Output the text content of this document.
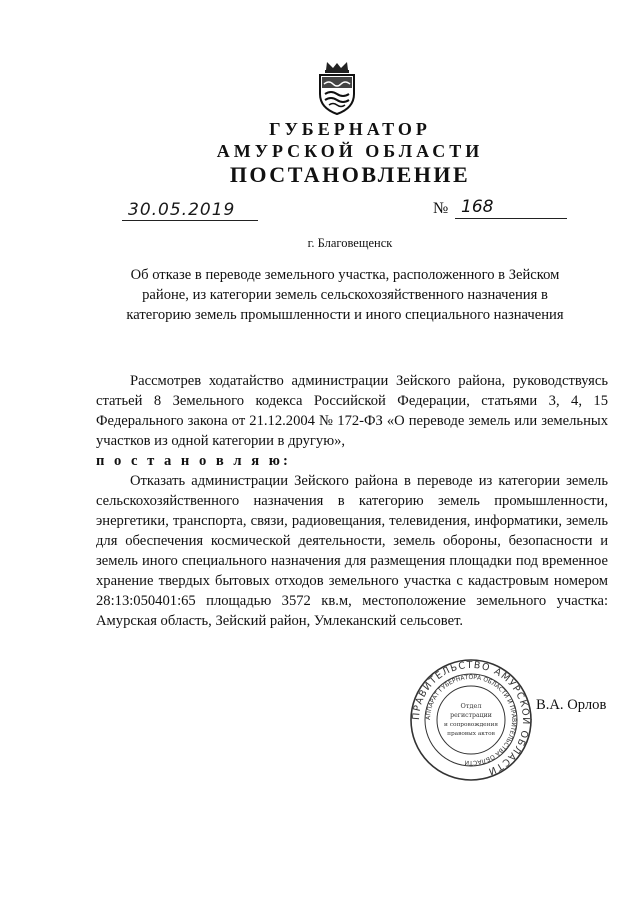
ГУБЕРНАТОР
АМУРСКОЙ ОБЛАСТИ
ПОСТАНОВЛЕНИЕ
30.05.2019	№ 168
г. Благовещенск
Об отказе в переводе земельного участка, расположенного в Зейском районе, из категории земель сельскохозяйственного назначения в категорию земель промышленности и иного специального назначения

Рассмотрев ходатайство администрации Зейского района, руководствуясь статьей 8 Земельного кодекса Российской Федерации, статьями 3, 4, 15 Федерального закона от 21.12.2004 № 172-ФЗ «О переводе земель или земельных участков из одной категории в другую»,

п о с т а н о в л я ю:

Отказать администрации Зейского района в переводе из категории земель сельскохозяйственного назначения в категорию земель промышленности, энергетики, транспорта, связи, радиовещания, телевидения, информатики, земель для обеспечения космической деятельности, земель обороны, безопасности и земель иного специального назначения для размещения площадки под временное хранение твердых бытовых отходов земельного участка с кадастровым номером 28:13:050401:65 площадью 3572 кв.м, местоположение земельного участка: Амурская область, Зейский район, Умлеканский сельсовет.

ПРАВИТЕЛЬСТВО АМУРСКОЙ ОБЛАСТИ
АППАРАТ ГУБЕРНАТОРА ОБЛАСТИ И ПРАВИТЕЛЬСТВА ОБЛАСТИ
Отдел
регистрации
и сопровождения
правовых актов
В.А. Орлов
